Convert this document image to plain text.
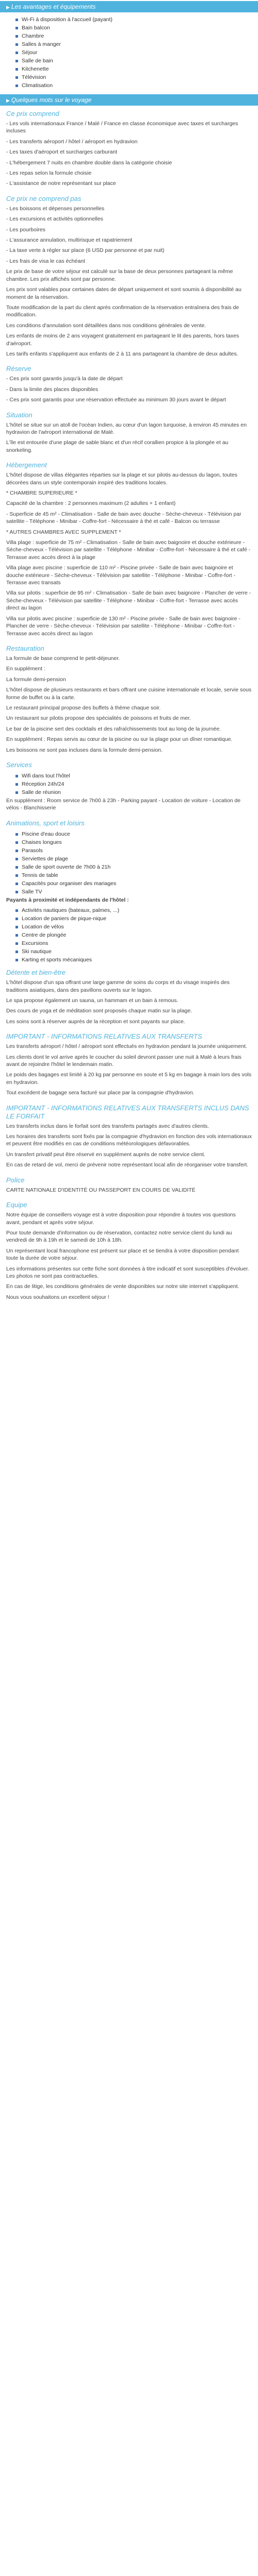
▶ Les avantages et équipements
Wi-Fi à disposition à l'accueil (payant)
Bain balcon
Chambre
Salles à manger
Séjour
Salle de bain
Kitchenette
Télévision
Climatisation
▶ Quelques mots sur le voyage
Ce prix comprend

- Les vols internationaux France / Malé / France en classe économique avec taxes et surcharges incluses

- Les transferts aéroport / hôtel / aéroport en hydravion

- Les taxes d'aéroport et surcharges carburant

- L'hébergement 7 nuits en chambre double dans la catégorie choisie

- Les repas selon la formule choisie

- L'assistance de notre représentant sur place

Ce prix ne comprend pas

- Les boissons et dépenses personnelles

- Les excursions et activités optionnelles

- Les pourboires

- L'assurance annulation, multirisque et rapatriement

- La taxe verte à régler sur place (6 USD par personne et par nuit)

- Les frais de visa le cas échéant

Le prix de base de votre séjour est calculé sur la base de deux personnes partageant la même chambre. Les prix affichés sont par personne.

Les prix sont valables pour certaines dates de départ uniquement et sont soumis à disponibilité au moment de la réservation.

Toute modification de la part du client après confirmation de la réservation entraînera des frais de modification.

Les conditions d'annulation sont détaillées dans nos conditions générales de vente.

Les enfants de moins de 2 ans voyagent gratuitement en partageant le lit des parents, hors taxes d'aéroport.

Les tarifs enfants s'appliquent aux enfants de 2 à 11 ans partageant la chambre de deux adultes.

Réserve

- Ces prix sont garantis jusqu'à la date de départ

- Dans la limite des places disponibles

- Ces prix sont garantis pour une réservation effectuée au minimum 30 jours avant le départ

Situation

L'hôtel se situe sur un atoll de l'océan Indien, au cœur d'un lagon turquoise, à environ 45 minutes en hydravion de l'aéroport international de Malé.

L'île est entourée d'une plage de sable blanc et d'un récif corallien propice à la plongée et au snorkeling.

Hébergement

L'hôtel dispose de villas élégantes réparties sur la plage et sur pilotis au-dessus du lagon, toutes décorées dans un style contemporain inspiré des traditions locales.

* CHAMBRE SUPERIEURE *

Capacité de la chambre : 2 personnes maximum (2 adultes + 1 enfant)

- Superficie de 45 m² - Climatisation - Salle de bain avec douche - Sèche-cheveux - Télévision par satellite - Téléphone - Minibar - Coffre-fort - Nécessaire à thé et café - Balcon ou terrasse

* AUTRES CHAMBRES AVEC SUPPLEMENT *

Villa plage : superficie de 75 m² - Climatisation - Salle de bain avec baignoire et douche extérieure - Sèche-cheveux - Télévision par satellite - Téléphone - Minibar - Coffre-fort - Nécessaire à thé et café - Terrasse avec accès direct à la plage

Villa plage avec piscine : superficie de 110 m² - Piscine privée - Salle de bain avec baignoire et douche extérieure - Sèche-cheveux - Télévision par satellite - Téléphone - Minibar - Coffre-fort - Terrasse avec transats

Villa sur pilotis : superficie de 95 m² - Climatisation - Salle de bain avec baignoire - Plancher de verre - Sèche-cheveux - Télévision par satellite - Téléphone - Minibar - Coffre-fort - Terrasse avec accès direct au lagon

Villa sur pilotis avec piscine : superficie de 130 m² - Piscine privée - Salle de bain avec baignoire - Plancher de verre - Sèche-cheveux - Télévision par satellite - Téléphone - Minibar - Coffre-fort - Terrasse avec accès direct au lagon

Restauration

La formule de base comprend le petit-déjeuner.

En supplément :

La formule demi-pension

L'hôtel dispose de plusieurs restaurants et bars offrant une cuisine internationale et locale, servie sous forme de buffet ou à la carte.

Le restaurant principal propose des buffets à thème chaque soir.

Un restaurant sur pilotis propose des spécialités de poissons et fruits de mer.

Le bar de la piscine sert des cocktails et des rafraîchissements tout au long de la journée.

En supplément : Repas servis au cœur de la piscine ou sur la plage pour un dîner romantique.

Les boissons ne sont pas incluses dans la formule demi-pension.

Services
Wifi dans tout l'hôtel
Réception 24h/24
Salle de réunion

En supplément : Room service de 7h00 à 23h - Parking payant - Location de voiture - Location de vélos - Blanchisserie

Animations, sport et loisirs
Piscine d'eau douce
Chaises longues
Parasols
Serviettes de plage
Salle de sport ouverte de 7h00 à 21h
Tennis de table
Capacités pour organiser des mariages
Salle TV

Payants à proximité et indépendants de l'hôtel :

Activités nautiques (bateaux, palmes, ...)
Location de paniers de pique-nique
Location de vélos
Centre de plongée
Excursions
Ski nautique
Karting et sports mécaniques
Détente et bien-être

L'hôtel dispose d'un spa offrant une large gamme de soins du corps et du visage inspirés des traditions asiatiques, dans des pavillons ouverts sur le lagon.

Le spa propose également un sauna, un hammam et un bain à remous.

Des cours de yoga et de méditation sont proposés chaque matin sur la plage.

Les soins sont à réserver auprès de la réception et sont payants sur place.

IMPORTANT - INFORMATIONS RELATIVES AUX TRANSFERTS

Les transferts aéroport / hôtel / aéroport sont effectués en hydravion pendant la journée uniquement.

Les clients dont le vol arrive après le coucher du soleil devront passer une nuit à Malé à leurs frais avant de rejoindre l'hôtel le lendemain matin.

Le poids des bagages est limité à 20 kg par personne en soute et 5 kg en bagage à main lors des vols en hydravion.

Tout excédent de bagage sera facturé sur place par la compagnie d'hydravion.

IMPORTANT - INFORMATIONS RELATIVES AUX TRANSFERTS INCLUS DANS LE FORFAIT

Les transferts inclus dans le forfait sont des transferts partagés avec d'autres clients.

Les horaires des transferts sont fixés par la compagnie d'hydravion en fonction des vols internationaux et peuvent être modifiés en cas de conditions météorologiques défavorables.

Un transfert privatif peut être réservé en supplément auprès de notre service client.

En cas de retard de vol, merci de prévenir notre représentant local afin de réorganiser votre transfert.

Police

CARTE NATIONALE D'IDENTITÉ OU PASSEPORT EN COURS DE VALIDITÉ

Equipe

Notre équipe de conseillers voyage est à votre disposition pour répondre à toutes vos questions avant, pendant et après votre séjour.

Pour toute demande d'information ou de réservation, contactez notre service client du lundi au vendredi de 9h à 19h et le samedi de 10h à 18h.

Un représentant local francophone est présent sur place et se tiendra à votre disposition pendant toute la durée de votre séjour.

Les informations présentes sur cette fiche sont données à titre indicatif et sont susceptibles d'évoluer. Les photos ne sont pas contractuelles.

En cas de litige, les conditions générales de vente disponibles sur notre site internet s'appliquent.

Nous vous souhaitons un excellent séjour !
